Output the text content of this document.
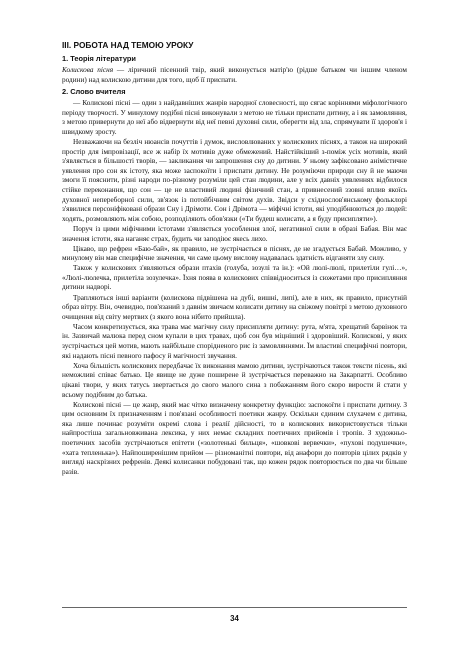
ІІІ. РОБОТА НАД ТЕМОЮ УРОКУ
1. Теорія літератури

Колискова пісня — ліричний пісенний твір, який виконується матір'ю (рідше батьком чи іншим членом родини) над колискою дитини для того, щоб її приспати.

2. Слово вчителя

— Колискові пісні — один з найдавніших жанрів народної словесності, що сягає коріннями міфологічного періоду творчості. У минулому подібні пісні виконували з метою не тільки приспати дитину, а і як замовляння, з метою привернути до неї або відвернути від неї певні духовні сили, оберегти від зла, спрямувати її здоров'я і швидкому зросту.

Незважаючи на безліч нюансів почуттів і думок, висловлюваних у колискових піснях, а також на широкий простір для імпровізації, все ж набір їх мотивів дуже обмежений. Найстійкіший з-поміж усіх мотивів, який з'являється в більшості творів, — закликання чи запрошення сну до дитини. У ньому зафіксовано анімістичне уявлення про сон як істоту, яка може заспокоїти і приспати дитину. Не розуміючи природи сну й не маючи змоги її пояснити, різні народи по-різному розуміли цей стан людини, але у всіх давніх уявленнях відбилося стійке переконання, що сон — це не властивий людині фізичний стан, а привнесений ззовні вплив якоїсь духовної непереборної сили, зв'язок із потойбічним світом духів. Звідси у східнослов'янському фольклорі з'явилися персоніфіковані образи Сну і Дрімоти. Сон і Дрімота — міфічні істоти, які уподібнюються до людей: ходять, розмовляють між собою, розподіляють обов'язки («Ти будеш колисати, а я буду присипляти»).

Поруч із цими міфічними істотами з'являється уособлення злої, негативної сили в образі Бабая. Він має значення істоти, яка наганяє страх, будить чи заподіює якесь лихо.

Цікаво, що рефрен «Баю-бай», як правило, не зустрічається в піснях, де не згадується Бабай. Можливо, у минулому він мав специфічне значення, чи саме цьому вислову надавалась здатність відганяти злу силу.

Також у колискових з'являються образи птахів (голуба, зозулі та ін.): «Ой люлі-люлі, прилетіли гулі…», «Люлі-люлечка, прилетіла зозулечка». Їхня поява в колискових співвідноситься із сюжетами про присипляння дитини надворі.

Трапляються інші варіанти (колискова підвішена на дубі, вишні, липі), але в них, як правило, присутній образ вітру. Він, очевидно, пов'язаний з давнім звичаєм колисати дитину на свіжому повітрі з метою духовного очищення від світу мертвих (з якого вона нібито прийшла).

Часом конкретизується, яка трава має магічну силу присипляти дитину: рута, м'ята, хрещатий барвінок та ін. Зазвичай малюка перед сном купали в цих травах, щоб сон був міцніший і здоровіший. Колискові, у яких зустрічається цей мотив, мають найбільше спорідненого рис із замовляннями. Їм властиві специфічні повтори, які надають пісні певного пафосу й магічності звучання.

Хоча більшість колискових передбачає їх виконання мамою дитини, зустрічаються також тексти пісень, які неможливі співає батько. Це явище не дуже поширене й зустрічається переважно на Закарпатті. Особливо цікаві твори, у яких татусь звертається до свого малого сина з побажанням його скоро вирости й стати у всьому подібним до батька.

Колискові пісні — це жанр, який має чітко визначену конкретну функцію: заспокоїти і приспати дитину. З цим основним їх призначенням і пов'язані особливості поетики жанру. Оскільки єдиним слухачем є дитина, яка лише починає розуміти окремі слова і реалії дійсності, то в колискових використовується тільки найпростіша загальновживана лексика, у них немає складних поетичних прийомів і тропів. З художньо-поетичних засобів зустрічаються епітети («золотенькі бильця», «шовкові вервечки», «пухові подушечки», «хата тепленька»). Найпоширенішим прийом — різноманітні повтори, від анафори до повторів цілих рядків у вигляді наскрізних рефренів. Деякі колисанки побудовані так, що кожен рядок повторюється по два чи більше разів.

34
